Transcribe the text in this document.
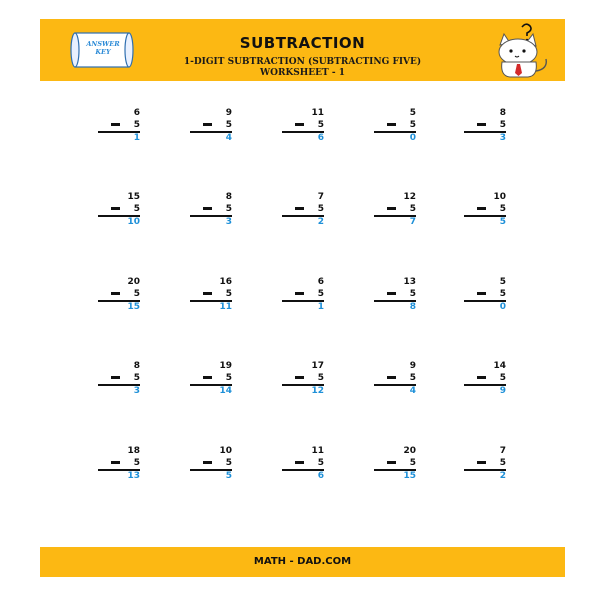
ANSWER KEY	SUBTRACTION
1-DIGIT SUBTRACTION (SUBTRACTING FIVE)
WORKSHEET - 1
6
5
1
9
5
4
11
5
6
5
5
0
8
5
3
15
5
10
8
5
3
7
5
2
12
5
7
10
5
5
20
5
15
16
5
11
6
5
1
13
5
8
5
5
0
8
5
3
19
5
14
17
5
12
9
5
4
14
5
9
18
5
13
10
5
5
11
5
6
20
5
15
7
5
2
MATH - DAD.COM
